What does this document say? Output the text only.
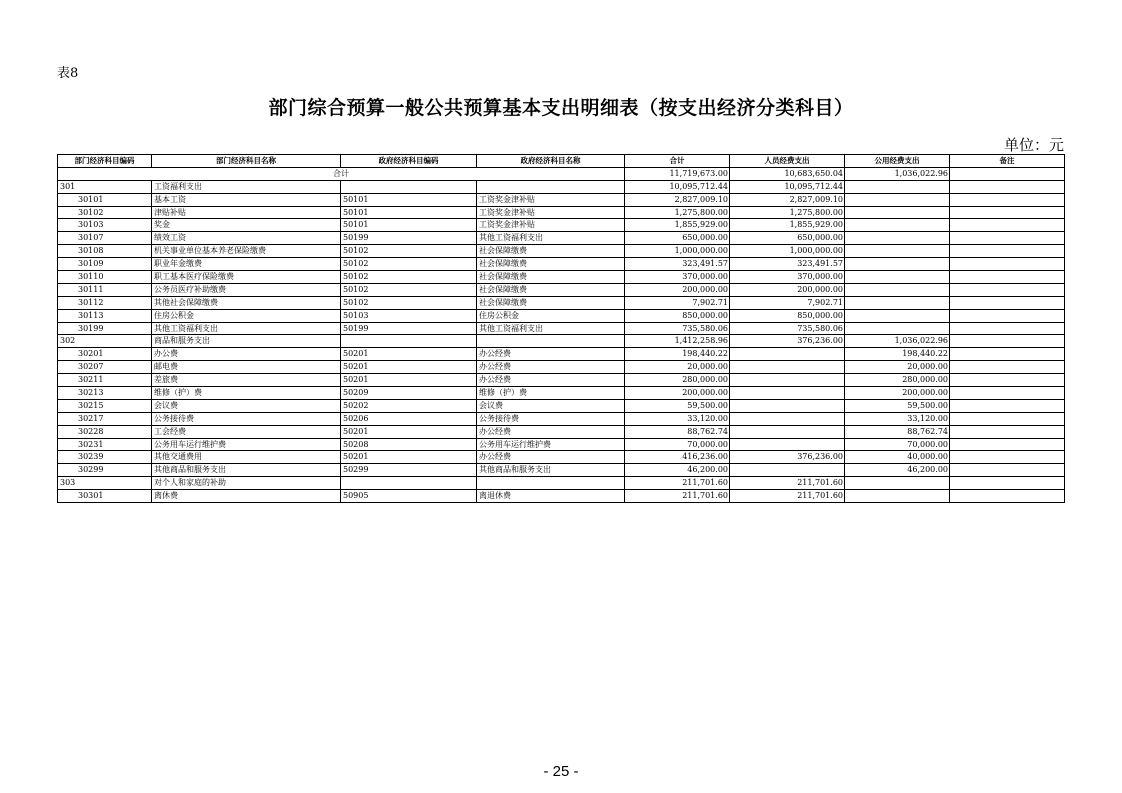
表8
部门综合预算一般公共预算基本支出明细表（按支出经济分类科目）
单位：元
部门经济科目编码	部门经济科目名称	政府经济科目编码	政府经济科目名称	合计	人员经费支出	公用经费支出	备注
合计				11,719,673.00	10,683,650.04	1,036,022.96	
301	工资福利支出			10,095,712.44	10,095,712.44		
30101	基本工资	50101	工资奖金津补贴	2,827,009.10	2,827,009.10		
30102	津贴补贴	50101	工资奖金津补贴	1,275,800.00	1,275,800.00		
30103	奖金	50101	工资奖金津补贴	1,855,929.00	1,855,929.00		
30107	绩效工资	50199	其他工资福利支出	650,000.00	650,000.00		
30108	机关事业单位基本养老保险缴费	50102	社会保障缴费	1,000,000.00	1,000,000.00		
30109	职业年金缴费	50102	社会保障缴费	323,491.57	323,491.57		
30110	职工基本医疗保险缴费	50102	社会保障缴费	370,000.00	370,000.00		
30111	公务员医疗补助缴费	50102	社会保障缴费	200,000.00	200,000.00		
30112	其他社会保障缴费	50102	社会保障缴费	7,902.71	7,902.71		
30113	住房公积金	50103	住房公积金	850,000.00	850,000.00		
30199	其他工资福利支出	50199	其他工资福利支出	735,580.06	735,580.06		
302	商品和服务支出			1,412,258.96	376,236.00	1,036,022.96	
30201	办公费	50201	办公经费	198,440.22		198,440.22	
30207	邮电费	50201	办公经费	20,000.00		20,000.00	
30211	差旅费	50201	办公经费	280,000.00		280,000.00	
30213	维修（护）费	50209	维修（护）费	200,000.00		200,000.00	
30215	会议费	50202	会议费	59,500.00		59,500.00	
30217	公务接待费	50206	公务接待费	33,120.00		33,120.00	
30228	工会经费	50201	办公经费	88,762.74		88,762.74	
30231	公务用车运行维护费	50208	公务用车运行维护费	70,000.00		70,000.00	
30239	其他交通费用	50201	办公经费	416,236.00	376,236.00	40,000.00	
30299	其他商品和服务支出	50299	其他商品和服务支出	46,200.00		46,200.00	
303	对个人和家庭的补助			211,701.60	211,701.60		
30301	离休费	50905	离退休费	211,701.60	211,701.60		
- 25 -
